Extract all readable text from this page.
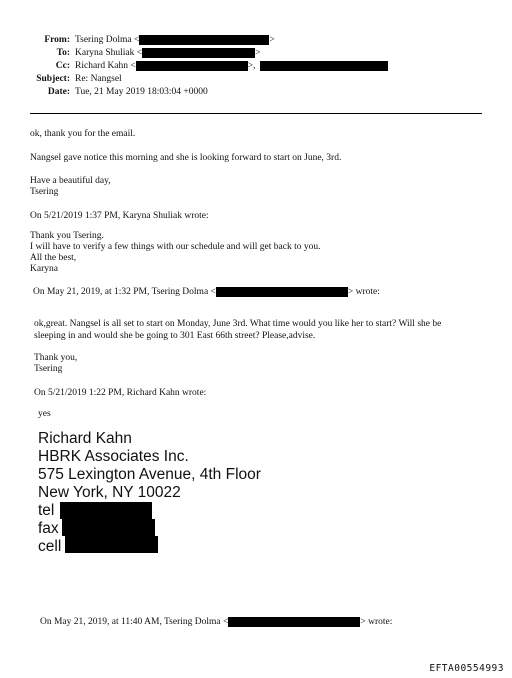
From: Tsering Dolma <	>
To: Karyna Shuliak <	>
Cc: Richard Kahn <	>,
Subject: Re: Nangsel
Date: Tue, 21 May 2019 18:03:04 +0000
ok, thank you for the email.
Nangsel gave notice this morning and she is looking forward to start on June, 3rd.
Have a beautiful day,
Tsering
On 5/21/2019 1:37 PM, Karyna Shuliak wrote:
Thank you Tsering.
I will have to verify a few things with our schedule and will get back to you.
All the best,
Karyna
On May 21, 2019, at 1:32 PM, Tsering Dolma <	> wrote:
ok,great. Nangsel is all set to start on Monday, June 3rd. What time would you like her to start? Will she be
sleeping in and would she be going to 301 East 66th street? Please,advise.
Thank you,
Tsering
On 5/21/2019 1:22 PM, Richard Kahn wrote:
yes
Richard Kahn
HBRK Associates Inc.
575 Lexington Avenue, 4th Floor
New York, NY 10022
tel
fax
cell
On May 21, 2019, at 11:40 AM, Tsering Dolma <	> wrote:
EFTA00554993
